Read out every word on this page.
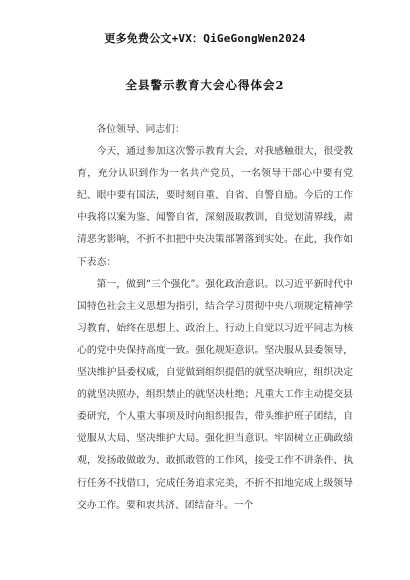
更多免费公文+VX：QiGeGongWen2024
全县警示教育大会心得体会2

各位领导、同志们：

今天，通过参加这次警示教育大会，对我感触很大，很受教育，充分认识到作为一名共产党员，一名领导干部心中要有党纪、眼中要有国法，要时刻自重、自省、自警自励。今后的工作中我将以案为鉴、闻警自省，深刻汲取教训，自觉划清界线，肃清恶劣影响，不折不扣把中央决策部署落到实处。在此，我作如下表态：

第一，做到“三个强化”。强化政治意识。以习近平新时代中国特色社会主义思想为指引，结合学习贯彻中央八项规定精神学习教育，始终在思想上、政治上、行动上自觉以习近平同志为核心的党中央保持高度一致。强化规矩意识。坚决服从县委领导，坚决维护县委权威，自觉做到组织提倡的就坚决响应，组织决定的就坚决照办，组织禁止的就坚决杜绝；凡重大工作主动提交县委研究，个人重大事项及时向组织报告，带头维护班子团结，自觉服从大局、坚决维护大局。强化担当意识。牢固树立正确政绩观，发扬敢做敢为、敢抓敢管的工作风，接受工作不讲条件、执行任务不找借口，完成任务追求完美，不折不扣地完成上级领导交办工作。要和衷共济、团结奋斗。一个
